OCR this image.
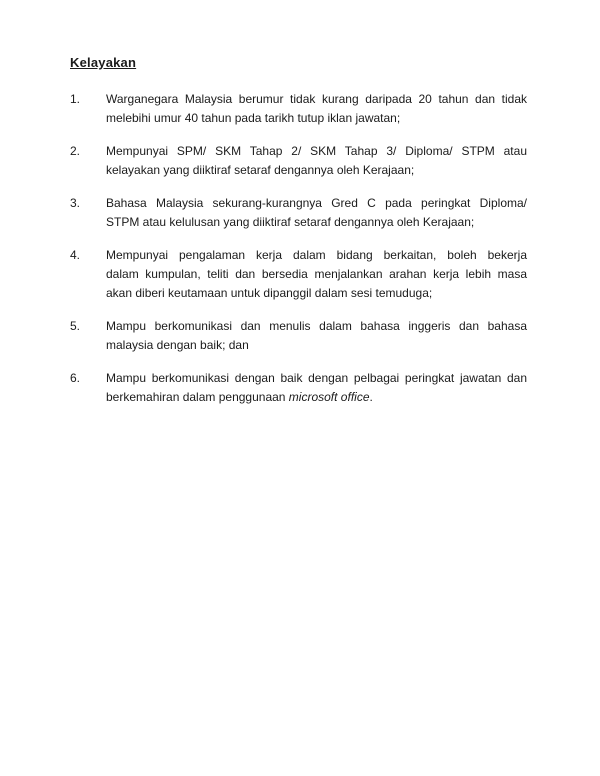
Kelayakan
1.	Warganegara Malaysia berumur tidak kurang daripada 20 tahun dan tidak
melebihi umur 40 tahun pada tarikh tutup iklan jawatan;
2.	Mempunyai SPM/ SKM Tahap 2/ SKM Tahap 3/ Diploma/ STPM atau
kelayakan yang diiktiraf setaraf dengannya oleh Kerajaan;
3.	Bahasa Malaysia sekurang-kurangnya Gred C pada peringkat Diploma/
STPM atau kelulusan yang diiktiraf setaraf dengannya oleh Kerajaan;
4.	Mempunyai pengalaman kerja dalam bidang berkaitan, boleh bekerja
dalam kumpulan, teliti dan bersedia menjalankan arahan kerja lebih masa
akan diberi keutamaan untuk dipanggil dalam sesi temuduga;
5.	Mampu berkomunikasi dan menulis dalam bahasa inggeris dan bahasa
malaysia dengan baik; dan
6.	Mampu berkomunikasi dengan baik dengan pelbagai peringkat jawatan dan
berkemahiran dalam penggunaan microsoft office.
